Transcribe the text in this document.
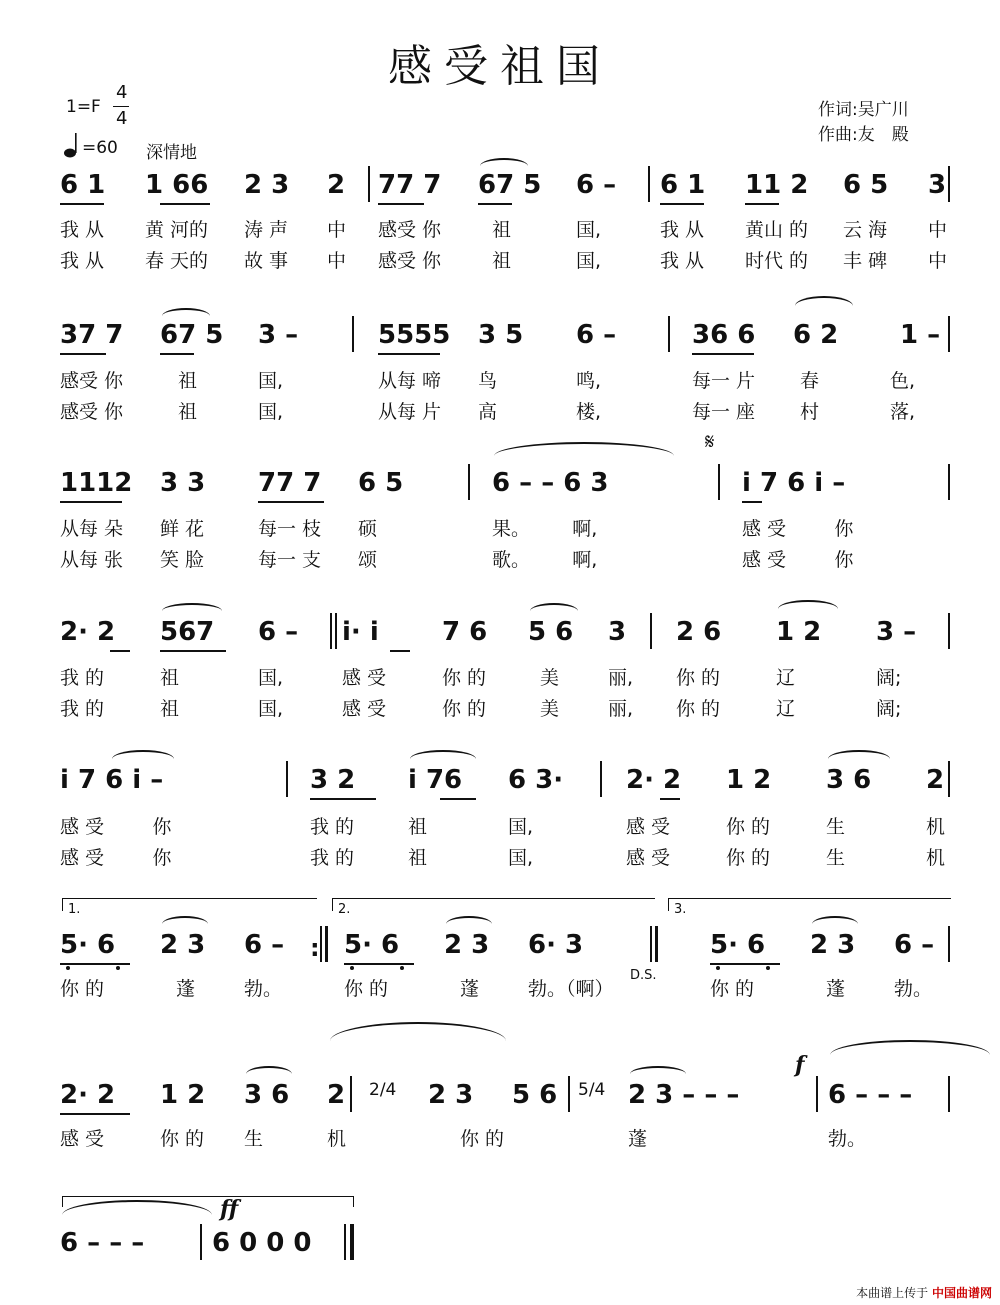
感受祖国
1=F
4
4
=60 深情地
作词:吴广川
作曲:友　殿
6 1 1 66 2 3 2 77 7 67 5 6 – 6 1 11 2 6 5 3
我 从 黄 河的 涛 声 中 感受 你	祖	国,	我 从 黄山 的 云 海 中
我 从 春 天的 故 事 中 感受 你	祖	国,	我 从 时代 的 丰 碑 中
37 7 67 5 3 –	5555 3 5 6 –	36 6 6 2 1 –
感受 你	祖	国,	从每 啼 鸟	鸣,	每一 片 春	色,
感受 你	祖	国,	从每 片 高	楼,	每一 座 村	落,
1112 3 3 77 7 6 5	6 – – 6 3	i 7 6 i –
𝄋
从每 朵 鲜 花	每一 枝 硕	果。       啊,	感 受        你
从每 张 笑 脸	每一 支 颂	歌。       啊,	感 受        你
2· 2 567 6 – i· i 7 6 5 6 3 2 6 1 2 3 –
我 的	祖	国,	感 受	你 的	美	丽, 你 的	辽	阔;
我 的	祖	国,	感 受	你 的	美	丽, 你 的	辽	阔;
i 7 6 i –	3 2 i 76 6 3· 2· 2 1 2 3 6 2
感 受        你	我 的	祖	国,	感 受	你 的	生	机
感 受        你	我 的	祖	国,	感 受	你 的	生	机
1.	2.	3.
5· 6 2 3 6 – 5· 6 2 3 6· 3	5· 6 2 3 6 –
:
你 的	蓬	勃。	你 的	蓬	勃。（啊）	你 的	蓬	勃。
D.S.
2/4	5/4
f
2· 2 1 2 3 6 2	2 3 5 6	2 3 – – –	6 – – –
感 受	你 的 生	机	你 的	蓬	勃。
ff
6 – – –	6 0 0 0
本曲谱上传于 中国曲谱网
